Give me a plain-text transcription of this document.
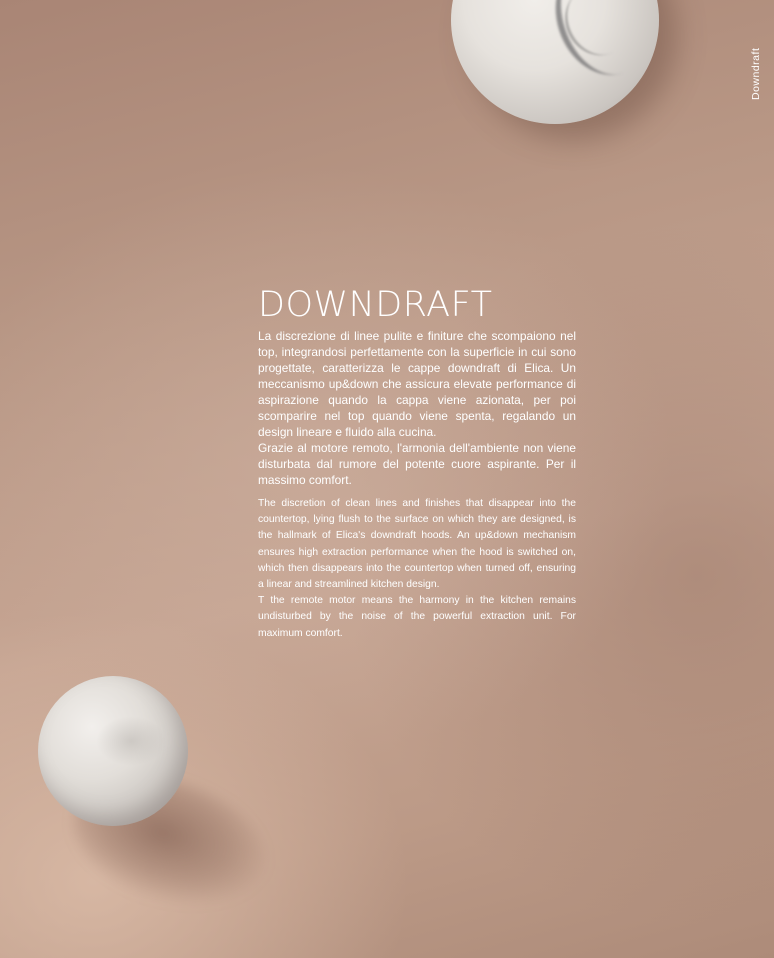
Downdraft
DOWNDRAFT
La discrezione di linee pulite e finiture che scompaiono nel top, integrandosi perfettamente con la superficie in cui sono progettate, caratterizza le cappe downdraft di Elica. Un meccanismo up&down che assicura elevate performance di aspirazione quando la cappa viene azionata, per poi scomparire nel top quando viene spenta, regalando un design lineare e fluido alla cucina.
Grazie al motore remoto, l'armonia dell'ambiente non viene disturbata dal rumore del potente cuore aspirante. Per il massimo comfort.
The discretion of clean lines and finishes that disappear into the countertop, lying flush to the surface on which they are designed, is the hallmark of Elica's downdraft hoods. An up&down mechanism ensures high extraction performance when the hood is switched on, which then disappears into the countertop when turned off, ensuring a linear and streamlined kitchen design.
T the remote motor means the harmony in the kitchen remains undisturbed by the noise of the powerful extraction unit. For maximum comfort.
